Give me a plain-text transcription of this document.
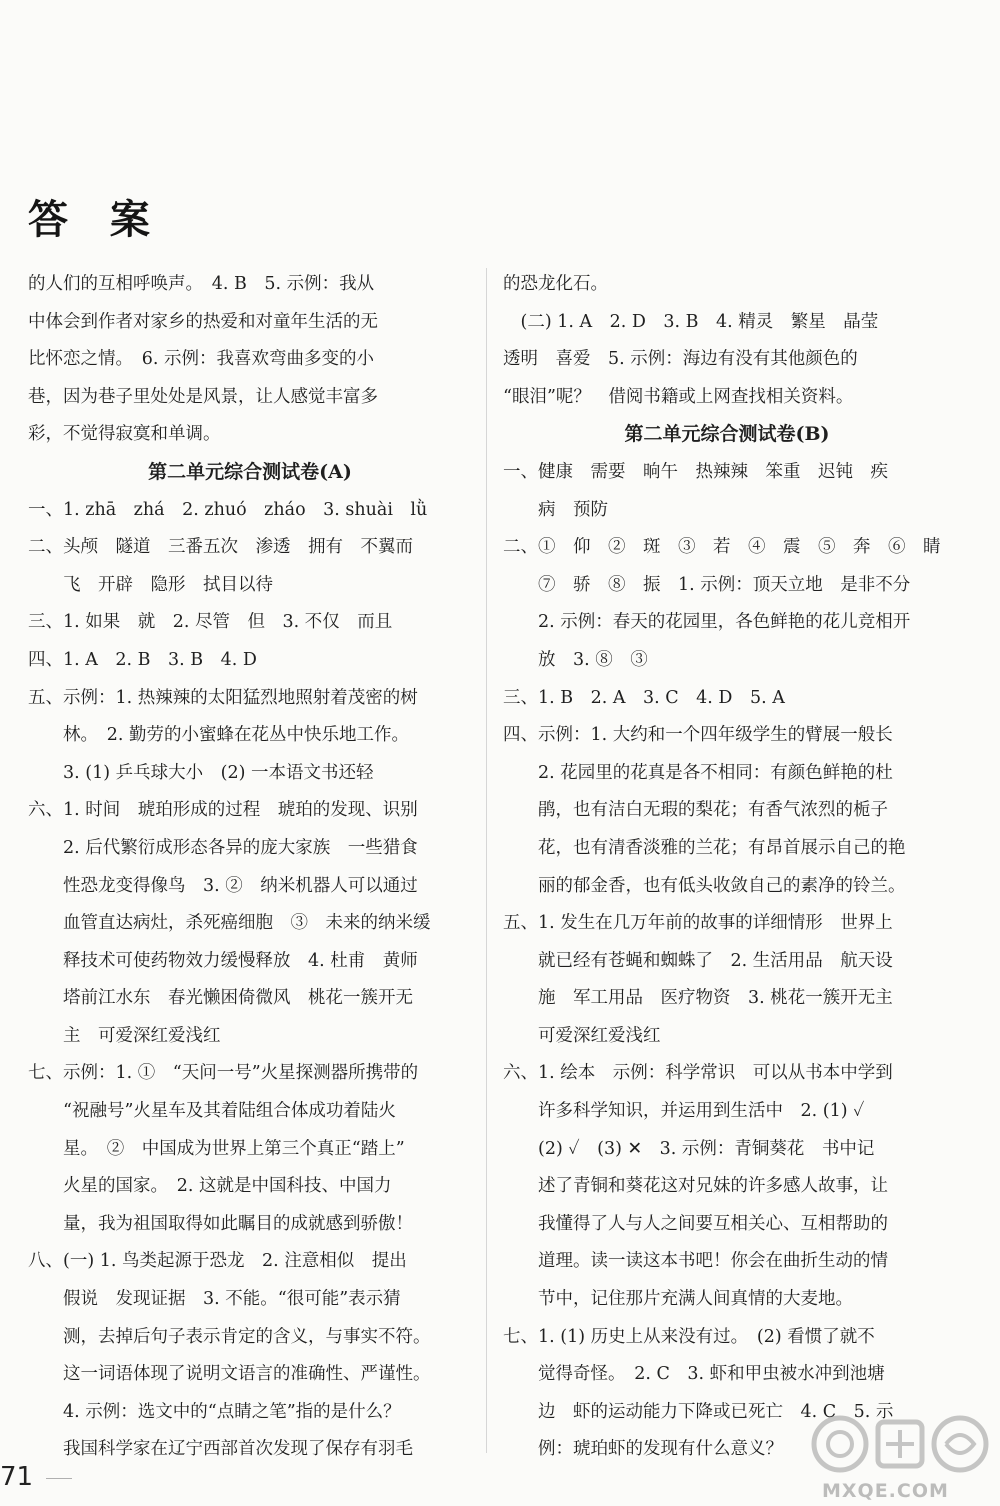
答 案
的人们的互相呼唤声。　4. B　5. 示例：我从
中体会到作者对家乡的热爱和对童年生活的无
比怀恋之情。　6. 示例：我喜欢弯曲多变的小
巷，因为巷子里处处是风景，让人感觉丰富多
彩，不觉得寂寞和单调。
第二单元综合测试卷(A)
一、1. zhā　zhá　2. zhuó　zháo　3. shuài　lǜ
二、头颅　隧道　三番五次　渗透　拥有　不翼而
　　飞　开辟　隐形　拭目以待
三、1. 如果　就　2. 尽管　但　3. 不仅　而且
四、1. A　2. B　3. B　4. D
五、示例：1. 热辣辣的太阳猛烈地照射着茂密的树
　　林。　2. 勤劳的小蜜蜂在花丛中快乐地工作。
　　3. (1) 乒乓球大小　(2) 一本语文书还轻
六、1. 时间　琥珀形成的过程　琥珀的发现、识别
　　2. 后代繁衍成形态各异的庞大家族　一些猎食
　　性恐龙变得像鸟　3. ②　纳米机器人可以通过
　　血管直达病灶，杀死癌细胞　③　未来的纳米缓
　　释技术可使药物效力缓慢释放　4. 杜甫　黄师
　　塔前江水东　春光懒困倚微风　桃花一簇开无
　　主　可爱深红爱浅红
七、示例：1. ①　“天问一号”火星探测器所携带的
　　“祝融号”火星车及其着陆组合体成功着陆火
　　星。　②　中国成为世界上第三个真正“踏上”
　　火星的国家。　2. 这就是中国科技、中国力
　　量，我为祖国取得如此瞩目的成就感到骄傲！
八、(一) 1. 鸟类起源于恐龙　2. 注意相似　提出
　　假说　发现证据　3. 不能。“很可能”表示猜
　　测，去掉后句子表示肯定的含义，与事实不符。
　　这一词语体现了说明文语言的准确性、严谨性。
　　4. 示例：选文中的“点睛之笔”指的是什么？
　　我国科学家在辽宁西部首次发现了保存有羽毛
的恐龙化石。
　(二) 1. A　2. D　3. B　4. 精灵　繁星　晶莹
透明　喜爱　5. 示例：海边有没有其他颜色的
“眼泪”呢？　借阅书籍或上网查找相关资料。
第二单元综合测试卷(B)
一、健康　需要　晌午　热辣辣　笨重　迟钝　疾
　　病　预防
二、①　仰　②　斑　③　若　④　震　⑤　奔　⑥　睛
　　⑦　骄　⑧　振　1. 示例：顶天立地　是非不分
　　2. 示例：春天的花园里，各色鲜艳的花儿竞相开
　　放　3. ⑧　③
三、1. B　2. A　3. C　4. D　5. A
四、示例：1. 大约和一个四年级学生的臂展一般长
　　2. 花园里的花真是各不相同：有颜色鲜艳的杜
　　鹃，也有洁白无瑕的梨花；有香气浓烈的栀子
　　花，也有清香淡雅的兰花；有昂首展示自己的艳
　　丽的郁金香，也有低头收敛自己的素净的铃兰。
五、1. 发生在几万年前的故事的详细情形　世界上
　　就已经有苍蝇和蜘蛛了　2. 生活用品　航天设
　　施　军工用品　医疗物资　3. 桃花一簇开无主
　　可爱深红爱浅红
六、1. 绘本　示例：科学常识　可以从书本中学到
　　许多科学知识，并运用到生活中　2. (1) ✓
　　(2) ✓　(3) ✕　3. 示例：青铜葵花　书中记
　　述了青铜和葵花这对兄妹的许多感人故事，让
　　我懂得了人与人之间要互相关心、互相帮助的
　　道理。读一读这本书吧！你会在曲折生动的情
　　节中，记住那片充满人间真情的大麦地。
七、1. (1) 历史上从来没有过。　(2) 看惯了就不
　　觉得奇怪。　2. C　3. 虾和甲虫被水冲到池塘
　　边　虾的运动能力下降或已死亡　4. C　5. 示
　　例：琥珀虾的发现有什么意义？
71	MXQE.COM
